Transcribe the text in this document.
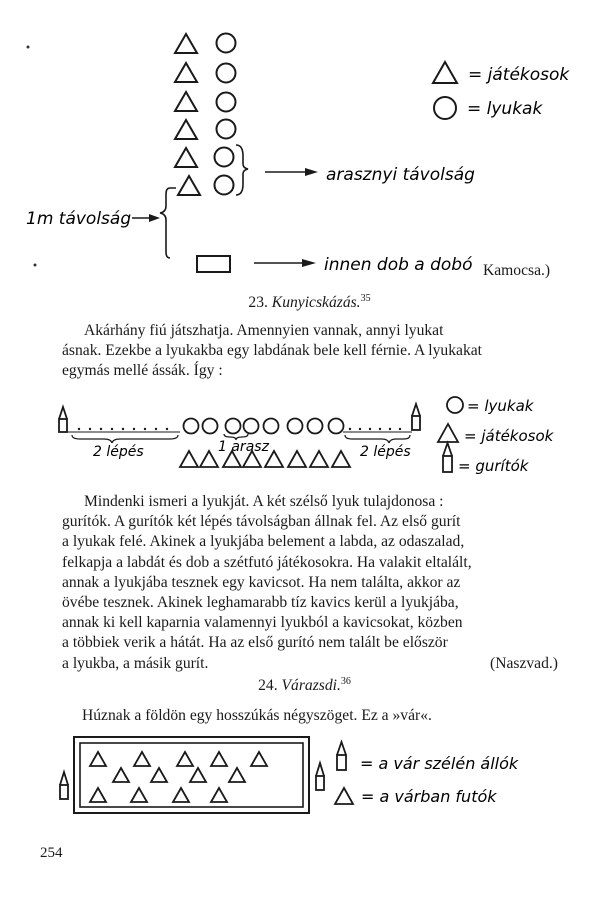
= játékosok
= lyukak
arasznyi távolság
1m távolság
innen dob a dobó Kamocsa.)
23. Kunyicskázás.$^{35}$
Akárhány fiú játszhatja. Amennyien vannak, annyi lyukat
ásnak. Ezekbe a lyukakba egy labdának bele kell férnie. A lyukakat
egymás mellé ássák. Így :
= lyukak
= játékosok
= gurítók
2 lépés	1 arasz	2 lépés
Mindenki ismeri a lyukját. A két szélső lyuk tulajdonosa :
gurítók. A gurítók két lépés távolságban állnak fel. Az első gurít
a lyukak felé. Akinek a lyukjába belement a labda, az odaszalad,
felkapja a labdát és dob a szétfutó játékosokra. Ha valakit eltalált,
annak a lyukjába tesznek egy kavicsot. Ha nem találta, akkor az
övébe tesznek. Akinek leghamarabb tíz kavics kerül a lyukjába,
annak ki kell kaparnia valamennyi lyukból a kavicsokat, közben
a többiek verik a hátát. Ha az első gurító nem talált be először
a lyukba, a másik gurít.	(Naszvad.)
24. Várazsdi.$^{36}$
Húznak a földön egy hosszúkás négyszöget. Ez a »vár«.
= a vár szélén állók
= a várban futók
254
